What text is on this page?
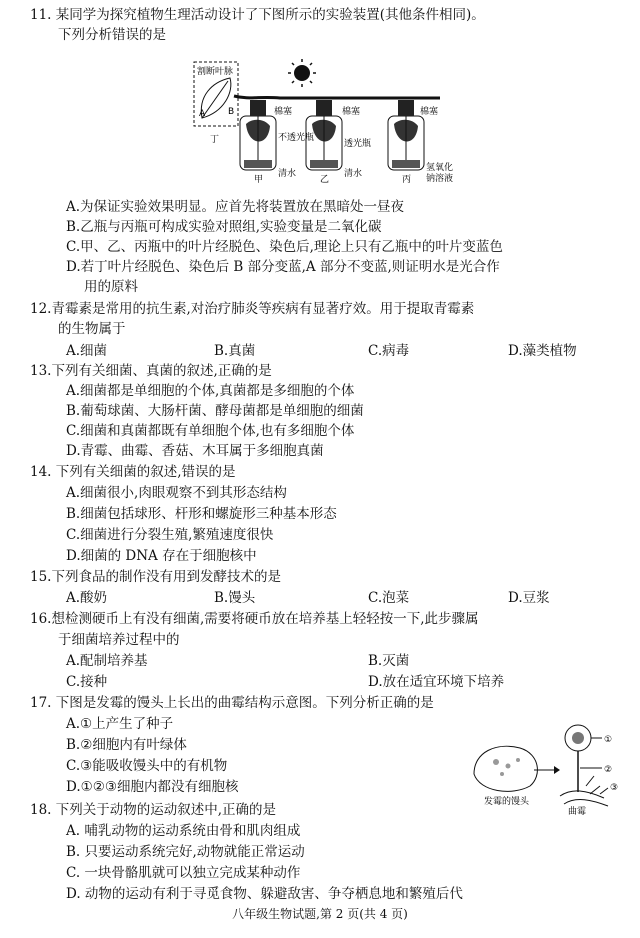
11. 某同学为探究植物生理活动设计了下图所示的实验装置(其他条件相同)。
下列分析错误的是
割断叶脉
A	B
丁
甲	乙	丙
棉塞	棉塞	棉塞
不透光瓶
透光瓶
清水	清水
氢氧化
钠溶液
A.为保证实验效果明显。应首先将装置放在黑暗处一昼夜
B.乙瓶与丙瓶可构成实验对照组,实验变量是二氧化碳
C.甲、乙、丙瓶中的叶片经脱色、染色后,理论上只有乙瓶中的叶片变蓝色
D.若丁叶片经脱色、染色后 B 部分变蓝,A 部分不变蓝,则证明水是光合作
用的原料
12.青霉素是常用的抗生素,对治疗肺炎等疾病有显著疗效。用于提取青霉素
的生物属于
A.细菌	B.真菌	C.病毒	D.藻类植物
13.下列有关细菌、真菌的叙述,正确的是
A.细菌都是单细胞的个体,真菌都是多细胞的个体
B.葡萄球菌、大肠杆菌、酵母菌都是单细胞的细菌
C.细菌和真菌都既有单细胞个体,也有多细胞个体
D.青霉、曲霉、香菇、木耳属于多细胞真菌
14. 下列有关细菌的叙述,错误的是
A.细菌很小,肉眼观察不到其形态结构
B.细菌包括球形、杆形和螺旋形三种基本形态
C.细菌进行分裂生殖,繁殖速度很快
D.细菌的 DNA 存在于细胞核中
15.下列食品的制作没有用到发酵技术的是
A.酸奶	B.馒头	C.泡菜	D.豆浆
16.想检测硬币上有没有细菌,需要将硬币放在培养基上轻轻按一下,此步骤属
于细菌培养过程中的
A.配制培养基	B.灭菌
C.接种	D.放在适宜环境下培养
17. 下图是发霉的馒头上长出的曲霉结构示意图。下列分析正确的是
A.①上产生了种子
B.②细胞内有叶绿体
C.③能吸收馒头中的有机物
D.①②③细胞内都没有细胞核
发霉的馒头
①
②
③
曲霉
18. 下列关于动物的运动叙述中,正确的是
A. 哺乳动物的运动系统由骨和肌肉组成
B. 只要运动系统完好,动物就能正常运动
C. 一块骨骼肌就可以独立完成某种动作
D. 动物的运动有利于寻觅食物、躲避敌害、争夺栖息地和繁殖后代
八年级生物试题,第 2 页(共 4 页)
